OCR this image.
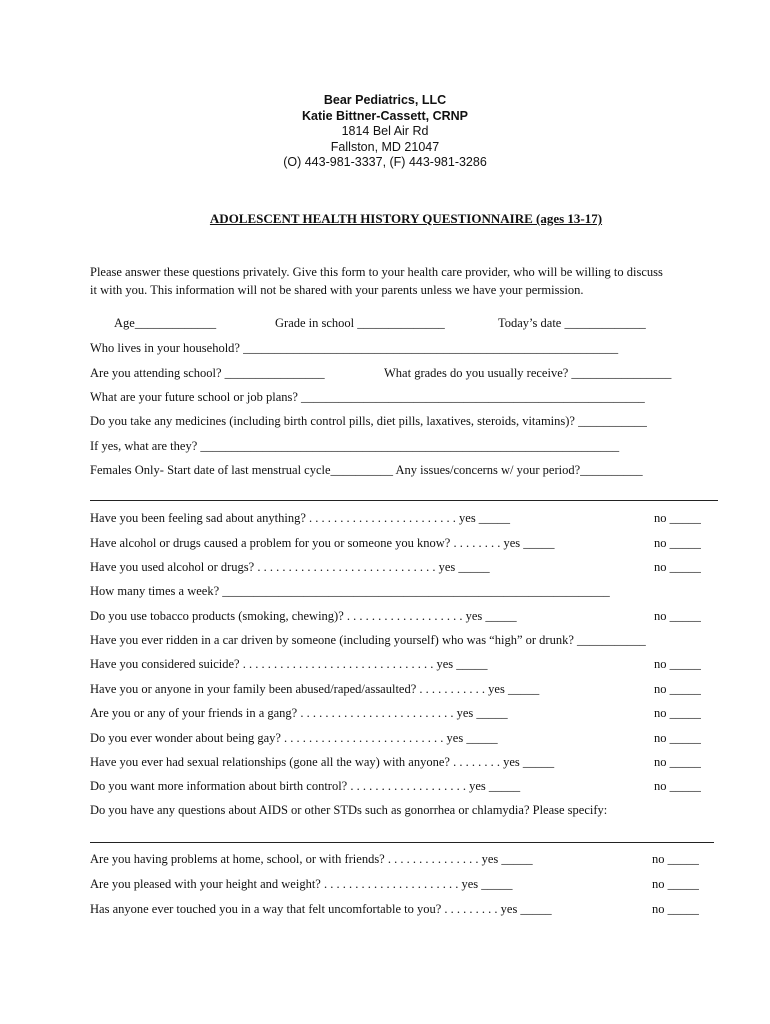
Bear Pediatrics, LLC
Katie Bittner-Cassett, CRNP
1814 Bel Air Rd
Fallston, MD 21047
(O) 443-981-3337, (F) 443-981-3286
ADOLESCENT HEALTH HISTORY QUESTIONNAIRE (ages 13-17)
Please answer these questions privately. Give this form to your health care provider, who will be willing to discuss
it with you. This information will not be shared with your parents unless we have your permission.
Age_____________	Grade in school ______________	Today’s date _____________
Who lives in your household? ____________________________________________________________
Are you attending school? ________________	What grades do you usually receive? ________________
What are your future school or job plans? _______________________________________________________
Do you take any medicines (including birth control pills, diet pills, laxatives, steroids, vitamins)? ___________
If yes, what are they? ___________________________________________________________________
Females Only- Start date of last menstrual cycle__________ Any issues/concerns w/ your period?__________
Have you been feeling sad about anything? . . . . . . . . . . . . . . . . . . . . . . . . yes _____	no _____
Have alcohol or drugs caused a problem for you or someone you know? . . . . . . . . yes _____	no _____
Have you used alcohol or drugs? . . . . . . . . . . . . . . . . . . . . . . . . . . . . . yes _____	no _____
How many times a week? ______________________________________________________________
Do you use tobacco products (smoking, chewing)? . . . . . . . . . . . . . . . . . . . yes _____	no _____
Have you ever ridden in a car driven by someone (including yourself) who was “high” or drunk? ___________
Have you considered suicide? . . . . . . . . . . . . . . . . . . . . . . . . . . . . . . . yes _____	no _____
Have you or anyone in your family been abused/raped/assaulted? . . . . . . . . . . . yes _____	no _____
Are you or any of your friends in a gang? . . . . . . . . . . . . . . . . . . . . . . . . . yes _____	no _____
Do you ever wonder about being gay? . . . . . . . . . . . . . . . . . . . . . . . . . . yes _____	no _____
Have you ever had sexual relationships (gone all the way) with anyone? . . . . . . . . yes _____	no _____
Do you want more information about birth control? . . . . . . . . . . . . . . . . . . . yes _____	no _____
Do you have any questions about AIDS or other STDs such as gonorrhea or chlamydia? Please specify:
Are you having problems at home, school, or with friends? . . . . . . . . . . . . . . . yes _____	no _____
Are you pleased with your height and weight? . . . . . . . . . . . . . . . . . . . . . . yes _____	no _____
Has anyone ever touched you in a way that felt uncomfortable to you? . . . . . . . . . yes _____	no _____
